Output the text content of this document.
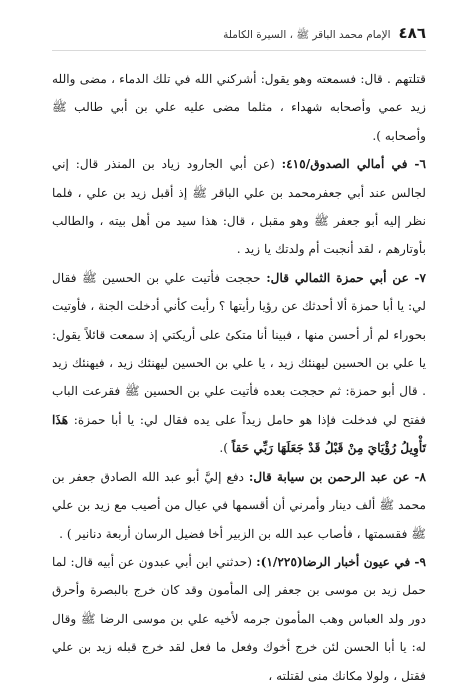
٤٨٦
الإمام محمد الباقر ﷺ ، السيرة الكاملة

قتلتهم . قال: فسمعته وهو يقول: أشركني الله في تلك الدماء ، مضى والله زيد عمي وأصحابه شهداء ، مثلما مضى عليه علي بن أبي طالب ﷺ وأصحابه ).

٦- في أمالي الصدوق/٤١٥: (عن أبي الجارود زياد بن المنذر قال: إني لجالس عند أبي جعفرمحمد بن علي الباقر ﷺ إذ أقبل زيد بن علي ، فلما نظر إليه أبو جعفر ﷺ وهو مقبل ، قال: هذا سيد من أهل بيته ، والطالب بأوتارهم ، لقد أنجبت أم ولدتك يا زيد .

٧- عن أبي حمزة الثمالي قال: حججت فأتيت علي بن الحسين ﷺ فقال لي: يا أبا حمزة ألا أحدثك عن رؤيا رأيتها ؟ رأيت كأني أدخلت الجنة ، فأوتيت بحوراء لم أر أحسن منها ، فبينا أنا متكئ على أريكتي إذ سمعت قائلاً يقول: يا علي بن الحسين ليهنئك زيد ، يا علي بن الحسين ليهنئك زيد ، فيهنئك زيد . قال أبو حمزة: ثم حججت بعده فأتيت علي بن الحسين ﷺ فقرعت الباب ففتح لي فدخلت فإذا هو حامل زيداً على يده فقال لي: يا أبا حمزة: هَذَا تَأْوِيلُ رُؤْيَايَ مِنْ قَبْلُ قَدْ جَعَلَهَا رَبِّي حَقاً ).

٨- عن عبد الرحمن بن سيابة قال: دفع إليَّ أبو عبد الله الصادق جعفر بن محمد ﷺ ألف دينار وأمرني أن أقسمها في عيال من أصيب مع زيد بن علي ﷺ فقسمتها ، فأصاب عبد الله بن الزبير أخا فضيل الرسان أربعة دنانير ) .

٩- في عيون أخبار الرضا(١/٢٢٥): (حدثني ابن أبي عبدون عن أبيه قال: لما حمل زيد بن موسى بن جعفر إلى المأمون وقد كان خرج بالبصرة وأحرق دور ولد العباس وهب المأمون جرمه لأخيه علي بن موسى الرضا ﷺ وقال له: يا أبا الحسن لئن خرج أخوك وفعل ما فعل لقد خرج قبله زيد بن علي فقتل ، ولولا مكانك منى لقتلته ،
